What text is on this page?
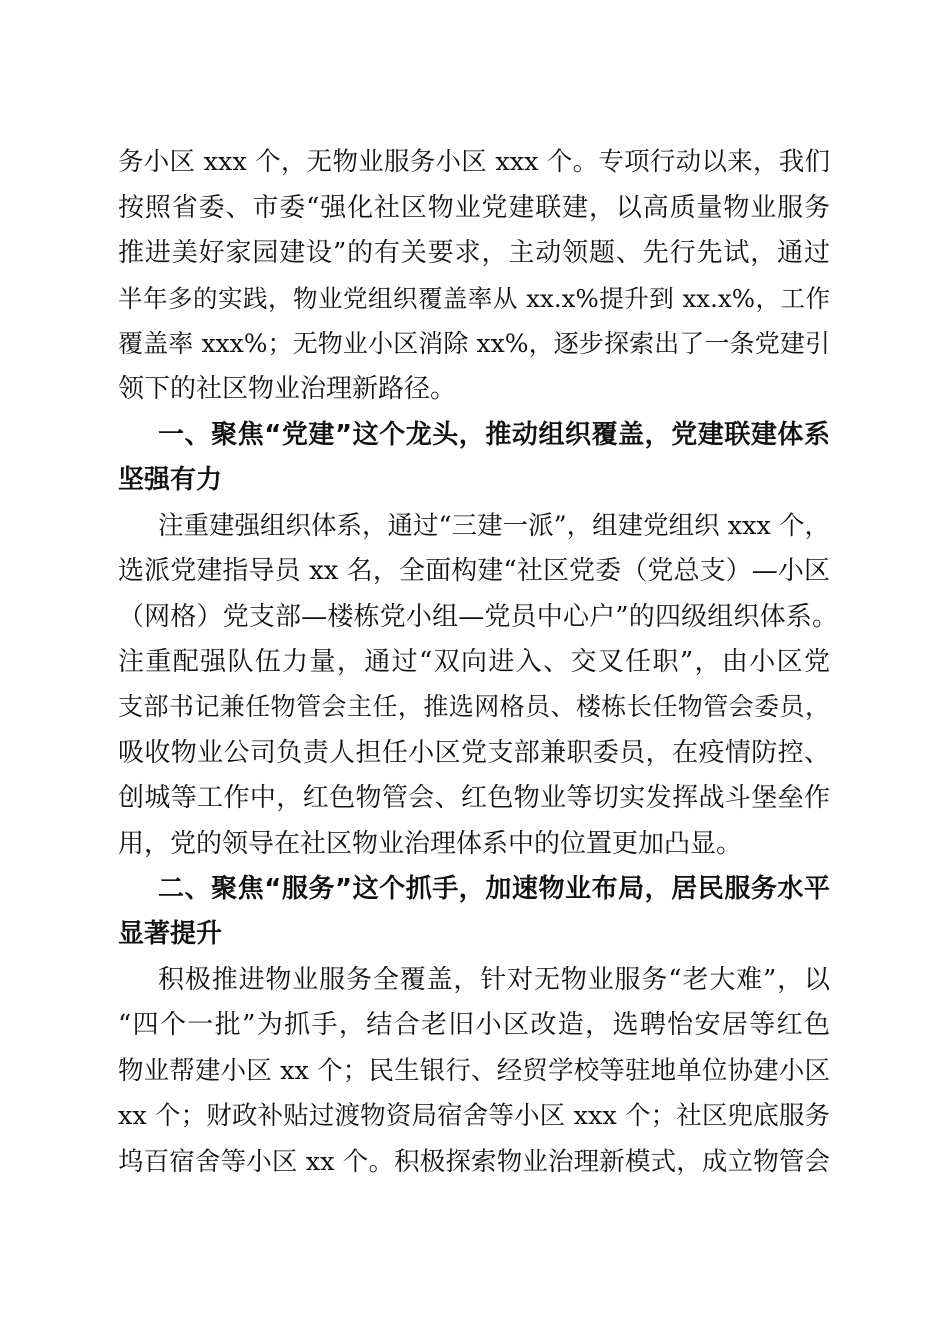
务小区 xxx 个，无物业服务小区 xxx 个。专项行动以来，我们
按照省委、市委“强化社区物业党建联建，以高质量物业服务
推进美好家园建设”的有关要求，主动领题、先行先试，通过
半年多的实践，物业党组织覆盖率从 xx.x%提升到 xx.x%，工作
覆盖率 xxx%；无物业小区消除 xx%，逐步探索出了一条党建引
领下的社区物业治理新路径。
一、聚焦“党建”这个龙头，推动组织覆盖，党建联建体系
坚强有力
注重建强组织体系，通过“三建一派”，组建党组织 xxx 个，
选派党建指导员 xx 名，全面构建“社区党委（党总支）—小区
（网格）党支部—楼栋党小组—党员中心户”的四级组织体系。
注重配强队伍力量，通过“双向进入、交叉任职”，由小区党
支部书记兼任物管会主任，推选网格员、楼栋长任物管会委员，
吸收物业公司负责人担任小区党支部兼职委员，在疫情防控、
创城等工作中，红色物管会、红色物业等切实发挥战斗堡垒作
用，党的领导在社区物业治理体系中的位置更加凸显。
二、聚焦“服务”这个抓手，加速物业布局，居民服务水平
显著提升
积极推进物业服务全覆盖，针对无物业服务“老大难”，以
“四个一批”为抓手，结合老旧小区改造，选聘怡安居等红色
物业帮建小区 xx 个；民生银行、经贸学校等驻地单位协建小区
xx 个；财政补贴过渡物资局宿舍等小区 xxx 个；社区兜底服务
坞百宿舍等小区 xx 个。积极探索物业治理新模式，成立物管会
